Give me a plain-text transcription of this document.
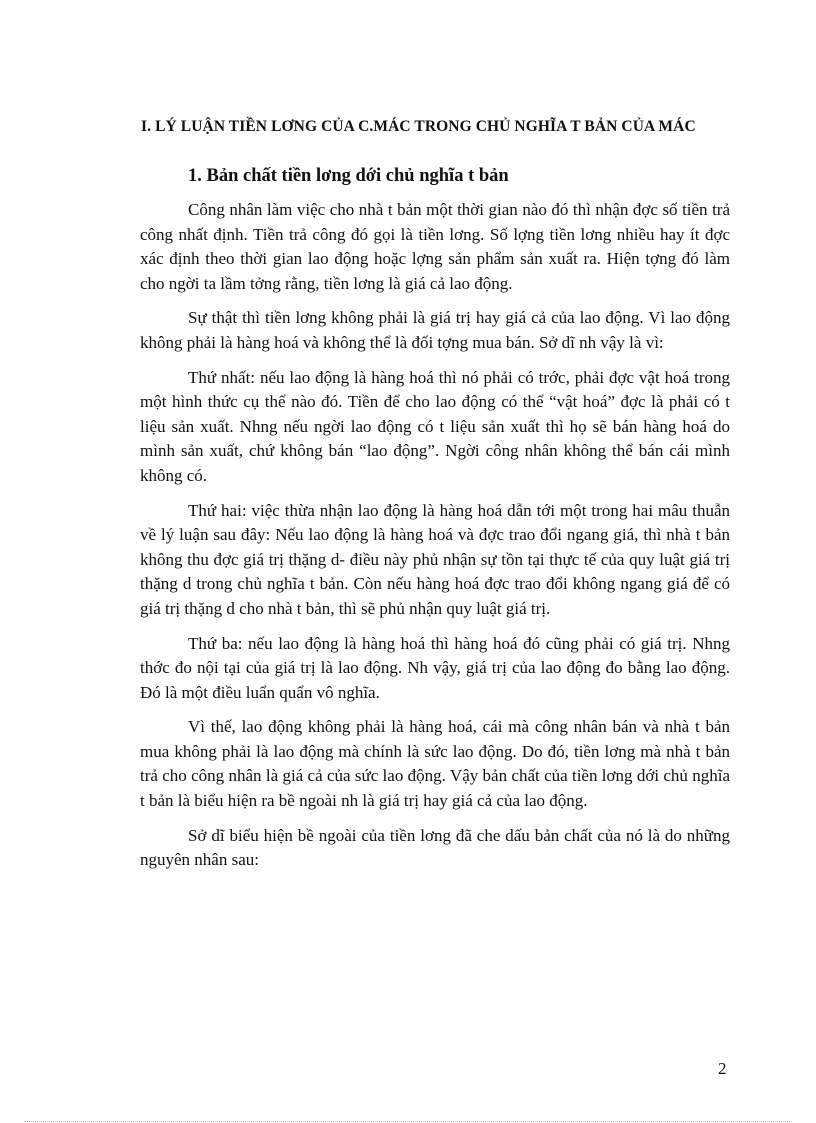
I. LÝ LUẬN TIỀN LƠNG CỦA C.MÁC TRONG CHỦ NGHĨA T BẢN CỦA MÁC
1. Bản chất tiền lơng dới chủ nghĩa t bản

Công nhân làm việc cho nhà t bản một thời gian nào đó thì nhận đợc số tiền trả công nhất định. Tiền trả công đó gọi là tiền lơng. Số lợng tiền lơng nhiều hay ít đợc xác định theo thời gian lao động hoặc lợng sản phẩm sản xuất ra. Hiện tợng đó làm cho ngời ta lầm tởng rằng, tiền lơng là giá cả lao động.

Sự thật thì tiền lơng không phải là giá trị hay giá cả của lao động. Vì lao động không phải là hàng hoá và không thể là đối tợng mua bán. Sở dĩ nh vậy là vì:

Thứ nhất: nếu lao động là hàng hoá thì nó phải có trớc, phải đợc vật hoá trong một hình thức cụ thể nào đó. Tiền để cho lao động có thể “vật hoá” đợc là phải có t liệu sản xuất. Nhng nếu ngời lao động có t liệu sản xuất thì họ sẽ bán hàng hoá do mình sản xuất, chứ không bán “lao động”. Ngời công nhân không thể bán cái mình không có.

Thứ hai: việc thừa nhận lao động là hàng hoá dẫn tới một trong hai mâu thuẫn về lý luận sau đây: Nếu lao động là hàng hoá và đợc trao đổi ngang giá, thì nhà t bản không thu đợc giá trị thặng d- điều này phủ nhận sự tồn tại thực tế của quy luật giá trị thặng d trong chủ nghĩa t bản. Còn nếu hàng hoá đợc trao đổi không ngang giá để có giá trị thặng d cho nhà t bản, thì sẽ phủ nhận quy luật giá trị.

Thứ ba: nếu lao động là hàng hoá thì hàng hoá đó cũng phải có giá trị. Nhng thớc đo nội tại của giá trị là lao động. Nh vậy, giá trị của lao động đo bằng lao động. Đó là một điều luẩn quẩn vô nghĩa.

Vì thế, lao động không phải là hàng hoá, cái mà công nhân bán và nhà t bản mua không phải là lao động mà chính là sức lao động. Do đó, tiền lơng mà nhà t bản trả cho công nhân là giá cả của sức lao động. Vậy bản chất của tiền lơng dới chủ nghĩa t bản là biểu hiện ra bề ngoài nh là giá trị hay giá cả của lao động.

Sở dĩ biểu hiện bề ngoài của tiền lơng đã che dấu bản chất của nó là do những nguyên nhân sau:

2
